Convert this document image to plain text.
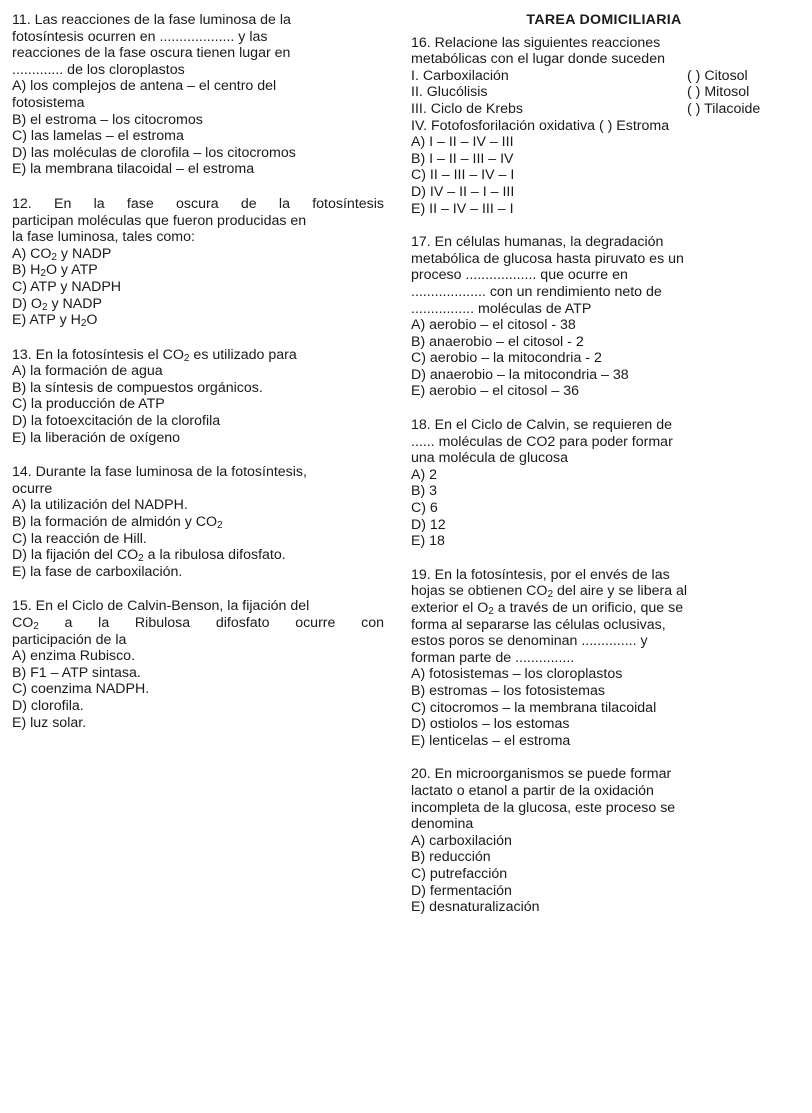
11. Las reacciones de la fase luminosa de la
fotosíntesis ocurren en ................... y las
reacciones de la fase oscura tienen lugar en
............. de los cloroplastos
A) los complejos de antena – el centro del
fotosistema
B) el estroma – los citocromos
C) las lamelas – el estroma
D) las moléculas de clorofila – los citocromos
E) la membrana tilacoidal – el estroma
12. En la fase oscura de la fotosíntesis
participan moléculas que fueron producidas en
la fase luminosa, tales como:
A) $CO_2$ y NADP
B) $H_2O$ y ATP
C) ATP y NADPH
D) $O_2$ y NADP
E) ATP y $H_2O$
13. En la fotosíntesis el $CO_2$ es utilizado para
A) la formación de agua
B) la síntesis de compuestos orgánicos.
C) la producción de ATP
D) la fotoexcitación de la clorofila
E) la liberación de oxígeno
14. Durante la fase luminosa de la fotosíntesis,
ocurre
A) la utilización del NADPH.
B) la formación de almidón y $CO_2$
C) la reacción de Hill.
D) la fijación del $CO_2$ a la ribulosa difosfato.
E) la fase de carboxilación.
15. En el Ciclo de Calvin-Benson, la fijación del
$CO_2$ a la Ribulosa difosfato ocurre con
participación de la
A) enzima Rubisco.
B) F1 – ATP sintasa.
C) coenzima NADPH.
D) clorofila.
E) luz solar.
TAREA DOMICILIARIA
16. Relacione las siguientes reacciones
metabólicas con el lugar donde suceden
I. Carboxilación	( ) Citosol
II. Glucólisis	( ) Mitosol
III. Ciclo de Krebs	( ) Tilacoide
IV. Fotofosforilación oxidativa ( ) Estroma
A) I – II – IV – III
B) I – II – III – IV
C) II – III – IV – I
D) IV – II – I – III
E) II – IV – III – I
17. En células humanas, la degradación
metabólica de glucosa hasta piruvato es un
proceso .................. que ocurre en
................... con un rendimiento neto de
................ moléculas de ATP
A) aerobio – el citosol - 38
B) anaerobio – el citosol - 2
C) aerobio – la mitocondria - 2
D) anaerobio – la mitocondria – 38
E) aerobio – el citosol – 36
18. En el Ciclo de Calvin, se requieren de
...... moléculas de CO2 para poder formar
una molécula de glucosa
A) 2
B) 3
C) 6
D) 12
E) 18
19. En la fotosíntesis, por el envés de las
hojas se obtienen $CO_2$ del aire y se libera al
exterior el $O_2$ a través de un orificio, que se
forma al separarse las células oclusivas,
estos poros se denominan .............. y
forman parte de ...............
A) fotosistemas – los cloroplastos
B) estromas – los fotosistemas
C) citocromos – la membrana tilacoidal
D) ostiolos – los estomas
E) lenticelas – el estroma
20. En microorganismos se puede formar
lactato o etanol a partir de la oxidación
incompleta de la glucosa, este proceso se
denomina
A) carboxilación
B) reducción
C) putrefacción
D) fermentación
E) desnaturalización
